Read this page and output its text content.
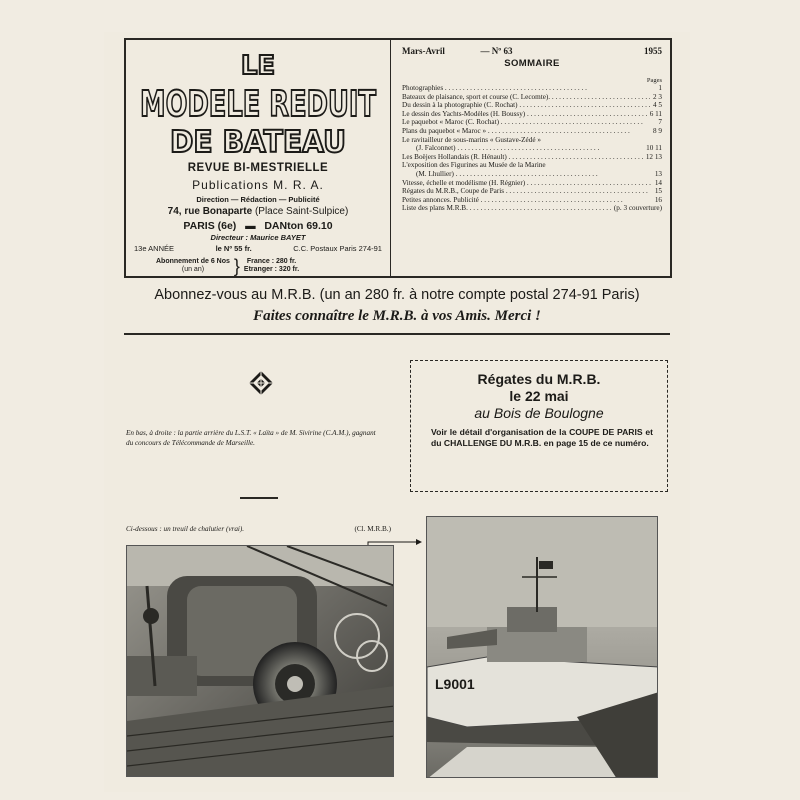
LE
MODELE REDUIT
DE BATEAU
REVUE BI-MESTRIELLE
Publications M. R. A.
Direction — Rédaction — Publicité
74, rue Bonaparte (Place Saint-Sulpice)
PARIS (6e) ▬ DANton 69.10
Directeur : Maurice BAYET
13e ANNÉE	le Nº 55 fr.	C.C. Postaux Paris 274-91
Abonnement de 6 Nos
(un an)	} France : 280 fr.
Etranger : 320 fr.
Mars-Avril	— Nº 63	1955
SOMMAIRE
Pages
Photographies . . .	1
Bateaux de plaisance, sport et course (C. Lecomte). . . .	2 3
Du dessin à la photographie (C. Rochat) . . .	4 5
Le dessin des Yachts-Modèles (H. Boussy) . . .	6 11
Le paquebot « Maroc (C. Rochat) . . .	7
Plans du paquebot « Maroc » . . .	8 9
Le ravitailleur de sous-marins « Gustave-Zédé »
(J. Falconnet) . . .	10 11
Les Boëjers Hollandais (R. Hénault) . . .	12 13
L'exposition des Figurines au Musée de la Marine
(M. Lhullier) . . .	13
Vitesse, échelle et modélisme (H. Régnier) . . .	14
Régates du M.R.B., Coupe de Paris . . .	15
Petites annonces. Publicité . . .	16
Liste des plans M.R.B. . . .	(p. 3 couverture)
Abonnez-vous au M.R.B. (un an 280 fr. à notre compte postal 274-91 Paris)
Faites connaître le M.R.B. à vos Amis. Merci !
En bas, à droite : la partie arrière du L.S.T. « Laïta » de M. Sivirine (C.A.M.), gagnant du concours de Télécommande de Marseille.
Ci-dessous : un treuil de chalutier (vrai).	(Cl. M.R.B.)
Régates du M.R.B.
le 22 mai
au Bois de Boulogne
Voir le détail d'organisation de la COUPE DE PARIS et du CHALLENGE DU M.R.B. en page 15 de ce numéro.
L9001
